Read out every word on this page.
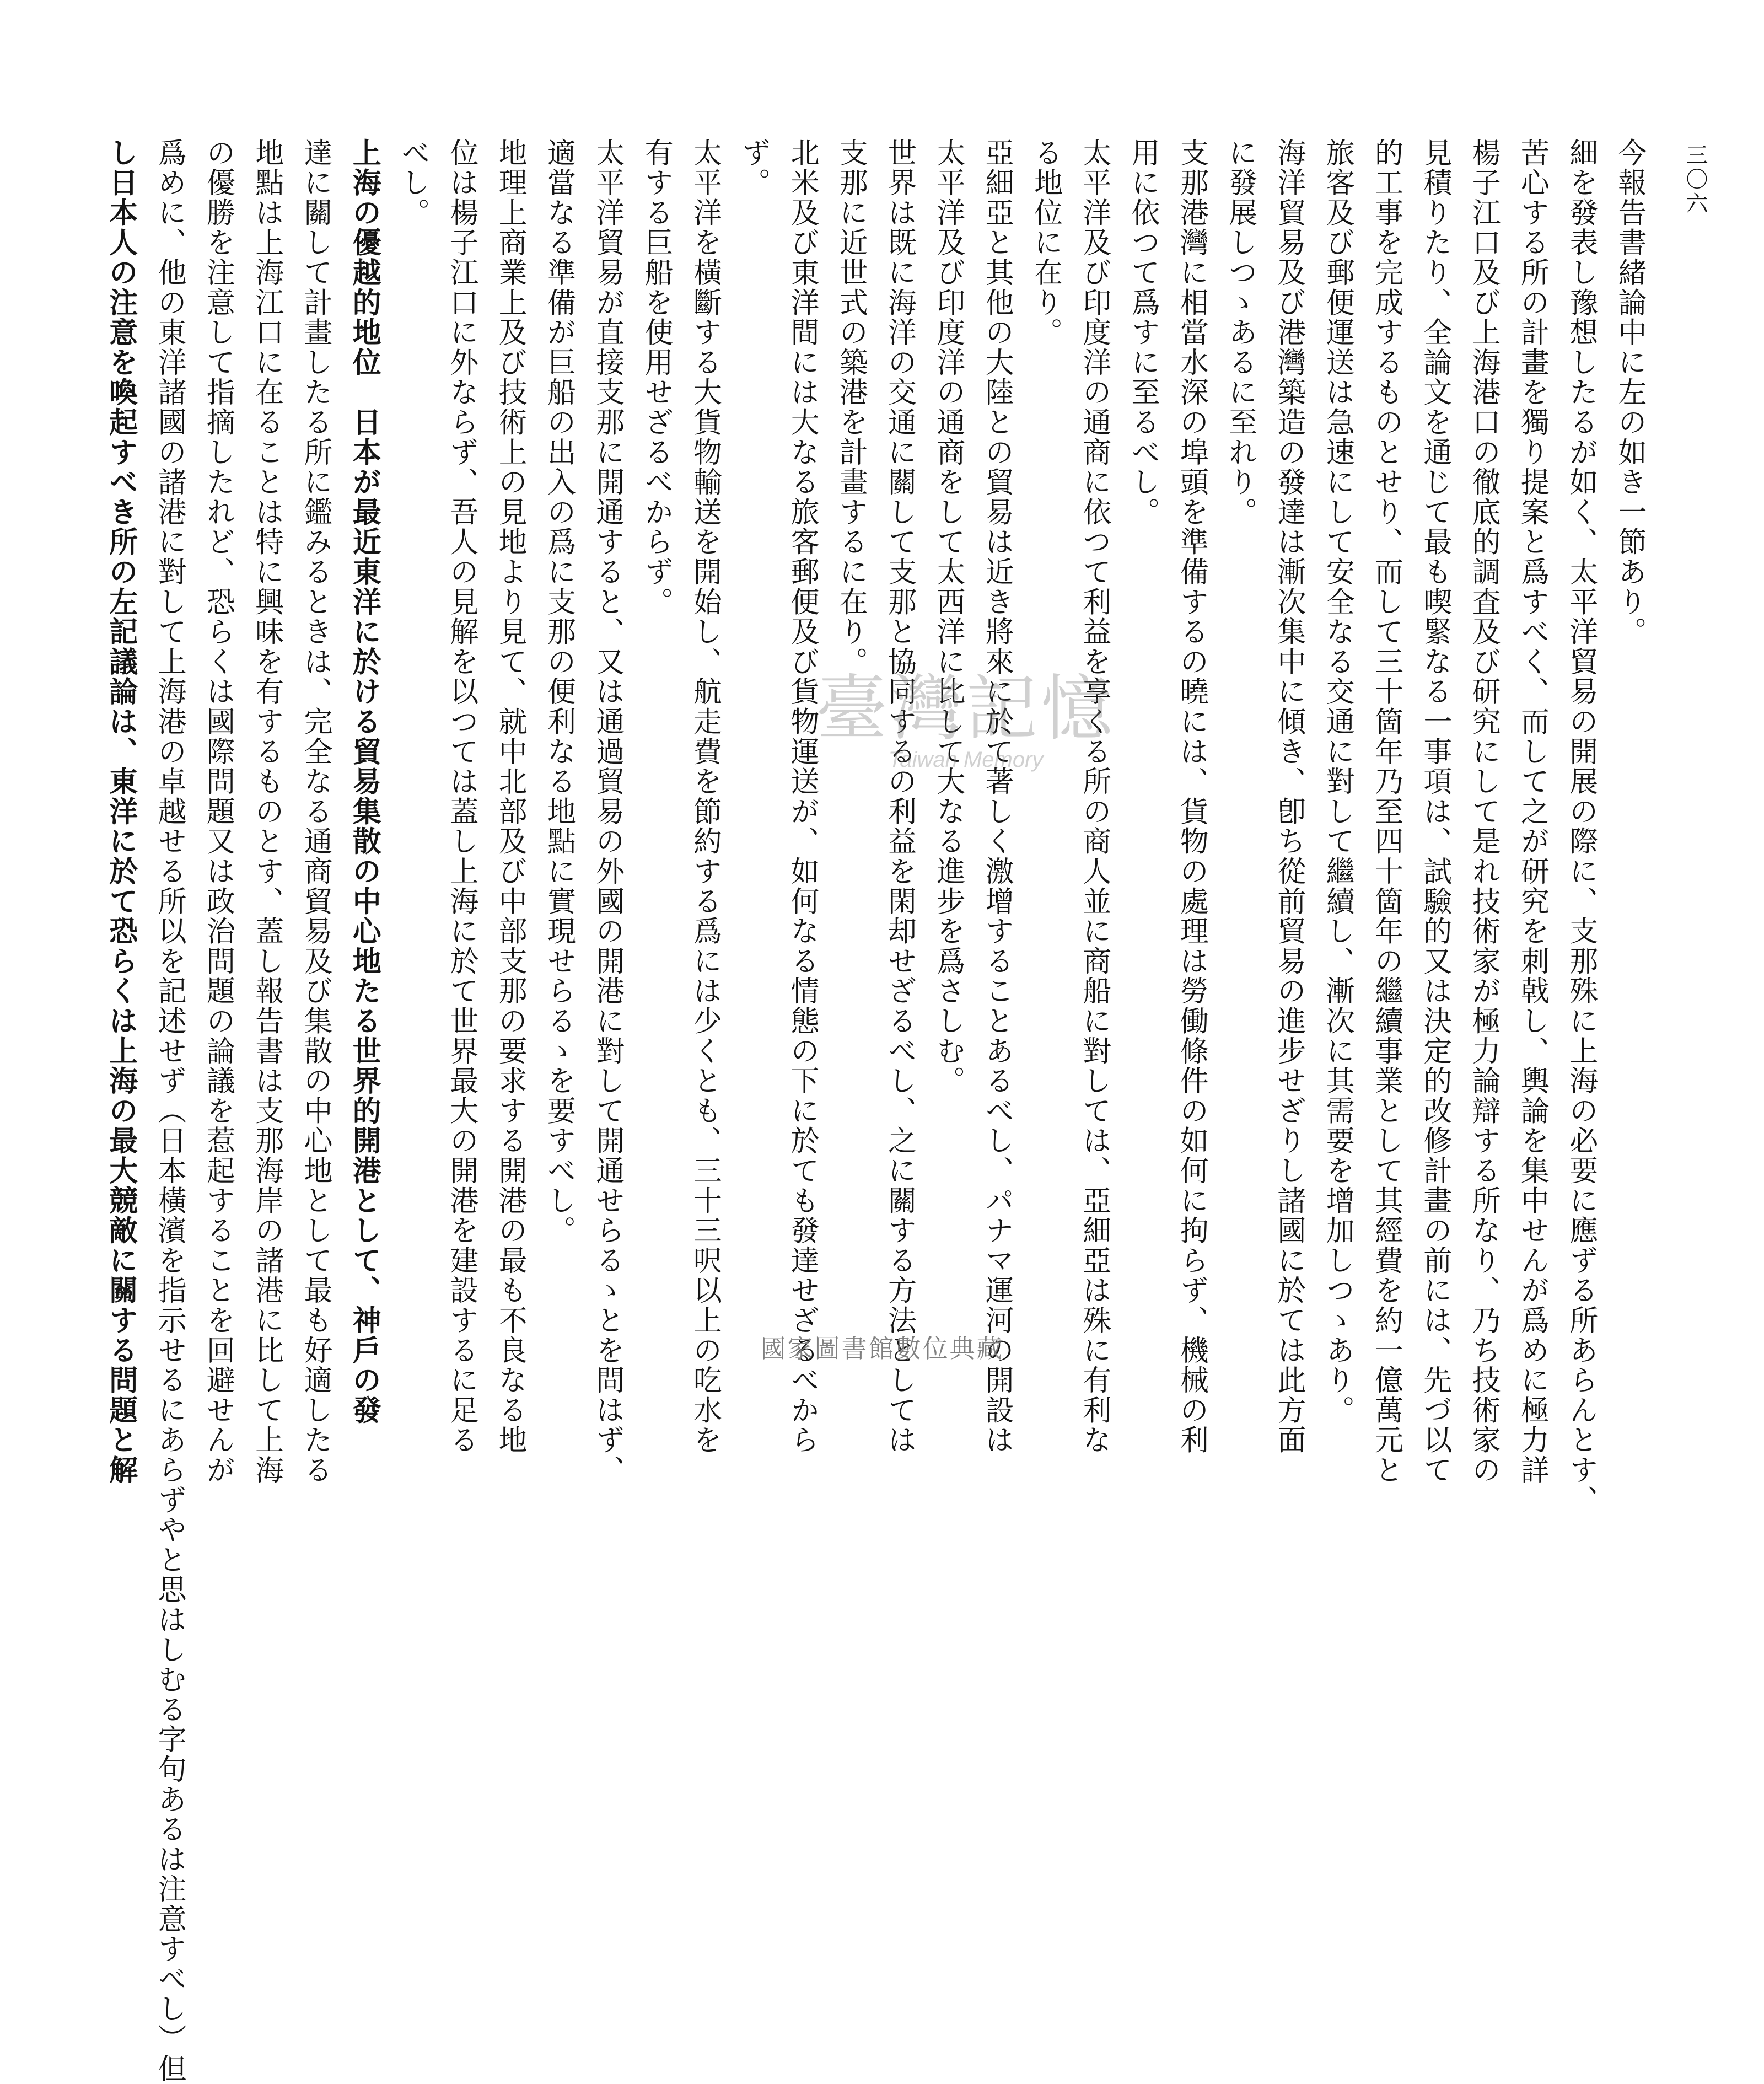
三〇六
今報告書緒論中に左の如き一節あり。
細を發表し豫想したるが如く、太平洋貿易の開展の際に、支那殊に上海の必要に應ずる所あらんとす、
苦心する所の計畫を獨り提案と爲すべく、而して之が研究を刺戟し、輿論を集中せんが爲めに極力詳
楊子江口及び上海港口の徹底的調査及び研究にして是れ技術家が極力論辯する所なり、乃ち技術家の
見積りたり、全論文を通じて最も喫緊なる一事項は、試驗的又は決定的改修計畫の前には、先づ以て
的工事を完成するものとせり、而して三十箇年乃至四十箇年の繼續事業として其經費を約一億萬元と
旅客及び郵便運送は急速にして安全なる交通に對して繼續し、漸次に其需要を增加しつゝあり。
海洋貿易及び港灣築造の發達は漸次集中に傾き、卽ち從前貿易の進步せざりし諸國に於ては此方面
に發展しつゝあるに至れり。
支那港灣に相當水深の埠頭を準備するの曉には、貨物の處理は勞働條件の如何に拘らず、機械の利
用に依つて爲すに至るべし。
太平洋及び印度洋の通商に依つて利益を享くる所の商人並に商船に對しては、亞細亞は殊に有利な
る地位に在り。
亞細亞と其他の大陸との貿易は近き將來に於て著しく激增することあるべし、パナマ運河の開設は
太平洋及び印度洋の通商をして太西洋に比して大なる進步を爲さしむ。
世界は既に海洋の交通に關して支那と協同するの利益を閑却せざるべし、之に關する方法としては
支那に近世式の築港を計畫するに在り。
北米及び東洋間には大なる旅客郵便及び貨物運送が、如何なる情態の下に於ても發達せざるべから
ず。
太平洋を橫斷する大貨物輸送を開始し、航走費を節約する爲には少くとも、三十三呎以上の吃水を
有する巨船を使用せざるべからず。
太平洋貿易が直接支那に開通すると、又は通過貿易の外國の開港に對して開通せらるゝとを問はず、
適當なる準備が巨船の出入の爲に支那の便利なる地點に實現せらるゝを要すべし。
地理上商業上及び技術上の見地より見て、就中北部及び中部支那の要求する開港の最も不良なる地
位は楊子江口に外ならず、吾人の見解を以つては蓋し上海に於て世界最大の開港を建設するに足る
べし。
上海の優越的地位　日本が最近東洋に於ける貿易集散の中心地たる世界的開港として、神戶の發
達に關して計畫したる所に鑑みるときは、完全なる通商貿易及び集散の中心地として最も好適したる
地點は上海江口に在ることは特に興味を有するものとす、蓋し報告書は支那海岸の諸港に比して上海
の優勝を注意して指摘したれど、恐らくは國際問題又は政治問題の論議を惹起することを回避せんが
爲めに、他の東洋諸國の諸港に對して上海港の卓越せる所以を記述せず（日本橫濱を指示せるにあらずやと思はしむる字句あるは注意すべし）但
し日本人の注意を喚起すべき所の左記議論は、東洋に於て恐らくは上海の最大競敵に關する問題と解	臺灣記憶
Taiwan Memory
國家圖書館數位典藏
